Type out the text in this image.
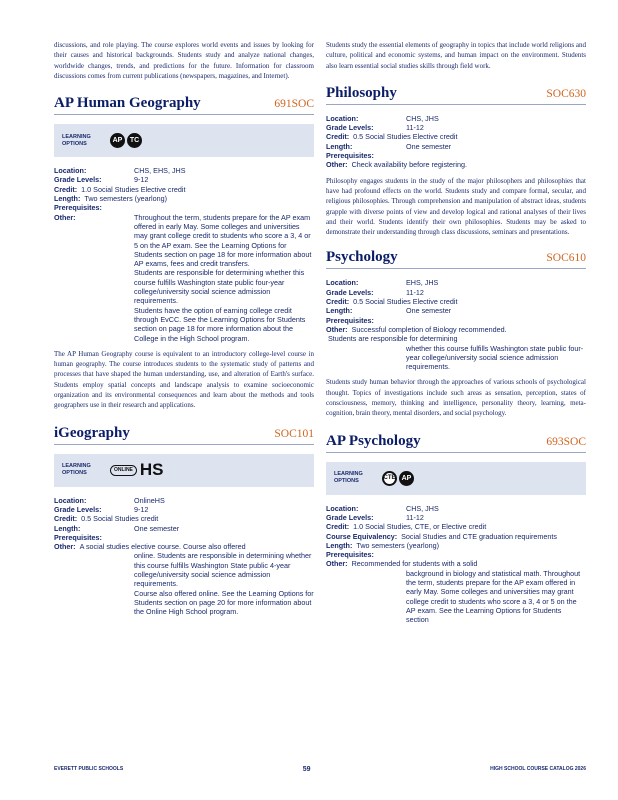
discussions, and role playing. The course explores world events and issues by looking for their causes and historical backgrounds. Students study and analyze national changes, worldwide changes, trends, and predictions for the future. Information for classroom discussions comes from current publications (newspapers, magazines, and Internet).

AP Human Geography	691SOC
LEARNING OPTIONS	AP	TC
Location:	CHS, EHS, JHS
Grade Levels:	9-12
Credit: 1.0 Social Studies Elective credit
Length: Two semesters (yearlong)
Prerequisites:
Other:	Throughout the term, students prepare for the AP exam offered in early May. Some colleges and universities may grant college credit to students who score a 3, 4 or 5 on the AP exam. See the Learning Options for Students section on page 18 for more information about AP exams, fees and credit transfers.

Students are responsible for determining whether this course fulfills Washington state public four-year college/university social science admission requirements.

Students have the option of earning college credit through EvCC. See the Learning Options for Students section on page 18 for more information about the College in the High School program.

The AP Human Geography course is equivalent to an introductory college-level course in human geography. The course introduces students to the systematic study of patterns and processes that have shaped the human understanding, use, and alteration of Earth's surface. Students employ spatial concepts and landscape analysis to examine socioeconomic organization and its environmental consequences and learn about the methods and tools geographers use in their research and applications.

iGeography	SOC101
LEARNING OPTIONS	ONLINE HS
Location:	OnlineHS
Grade Levels:	9-12
Credit: 0.5 Social Studies credit
Length:	One semester
Prerequisites:
Other: A social studies elective course. Course also offered

online. Students are responsible in determining whether this course fulfills Washington State public 4-year college/university social science admission requirements.

Course also offered online. See the Learning Options for Students section on page 20 for more information about the Online High School program.

Students study the essential elements of geography in topics that include world religions and culture, political and economic systems, and human impact on the environment. Students also learn essential social studies skills through field work.

Philosophy	SOC630
Location:	CHS, JHS
Grade Levels:	11-12
Credit: 0.5 Social Studies Elective credit
Length:	One semester
Prerequisites:
Other: Check availability before registering.

Philosophy engages students in the study of the major philosophers and philosophies that have had profound effects on the world. Students study and compare formal, secular, and religious philosophies. Through comprehension and manipulation of abstract ideas, students grapple with diverse points of view and develop logical and rational analyses of their lives and their world. Students identify their own philosophies. Students may be asked to demonstrate their understanding through class discussions, seminars and presentations.

Psychology	SOC610
Location:	EHS, JHS
Grade Levels:	11-12
Credit: 0.5 Social Studies Elective credit
Length:	One semester
Prerequisites:
Other: Successful completion of Biology recommended.
Students are responsible for determining

whether this course fulfills Washington state public four-year college/university social science admission requirements.

Students study human behavior through the approaches of various schools of psychological thought. Topics of investigations include such areas as sensation, perception, states of consciousness, memory, thinking and intelligence, personality theory, learning, meta-cognition, brain theory, mental disorders, and social psychology.

AP Psychology	693SOC
LEARNING OPTIONS	CTE AP
Location:	CHS, JHS
Grade Levels:	11-12
Credit: 1.0 Social Studies, CTE, or Elective credit
Course Equivalency: Social Studies and CTE graduation requirements
Length: Two semesters (yearlong)
Prerequisites:
Other: Recommended for students with a solid

background in biology and statistical math. Throughout the term, students prepare for the AP exam offered in early May. Some colleges and universities may grant college credit to students who score a 3, 4 or 5 on the AP exam. See the Learning Options for Students section

EVERETT PUBLIC SCHOOLS	59	HIGH SCHOOL COURSE CATALOG 2026
